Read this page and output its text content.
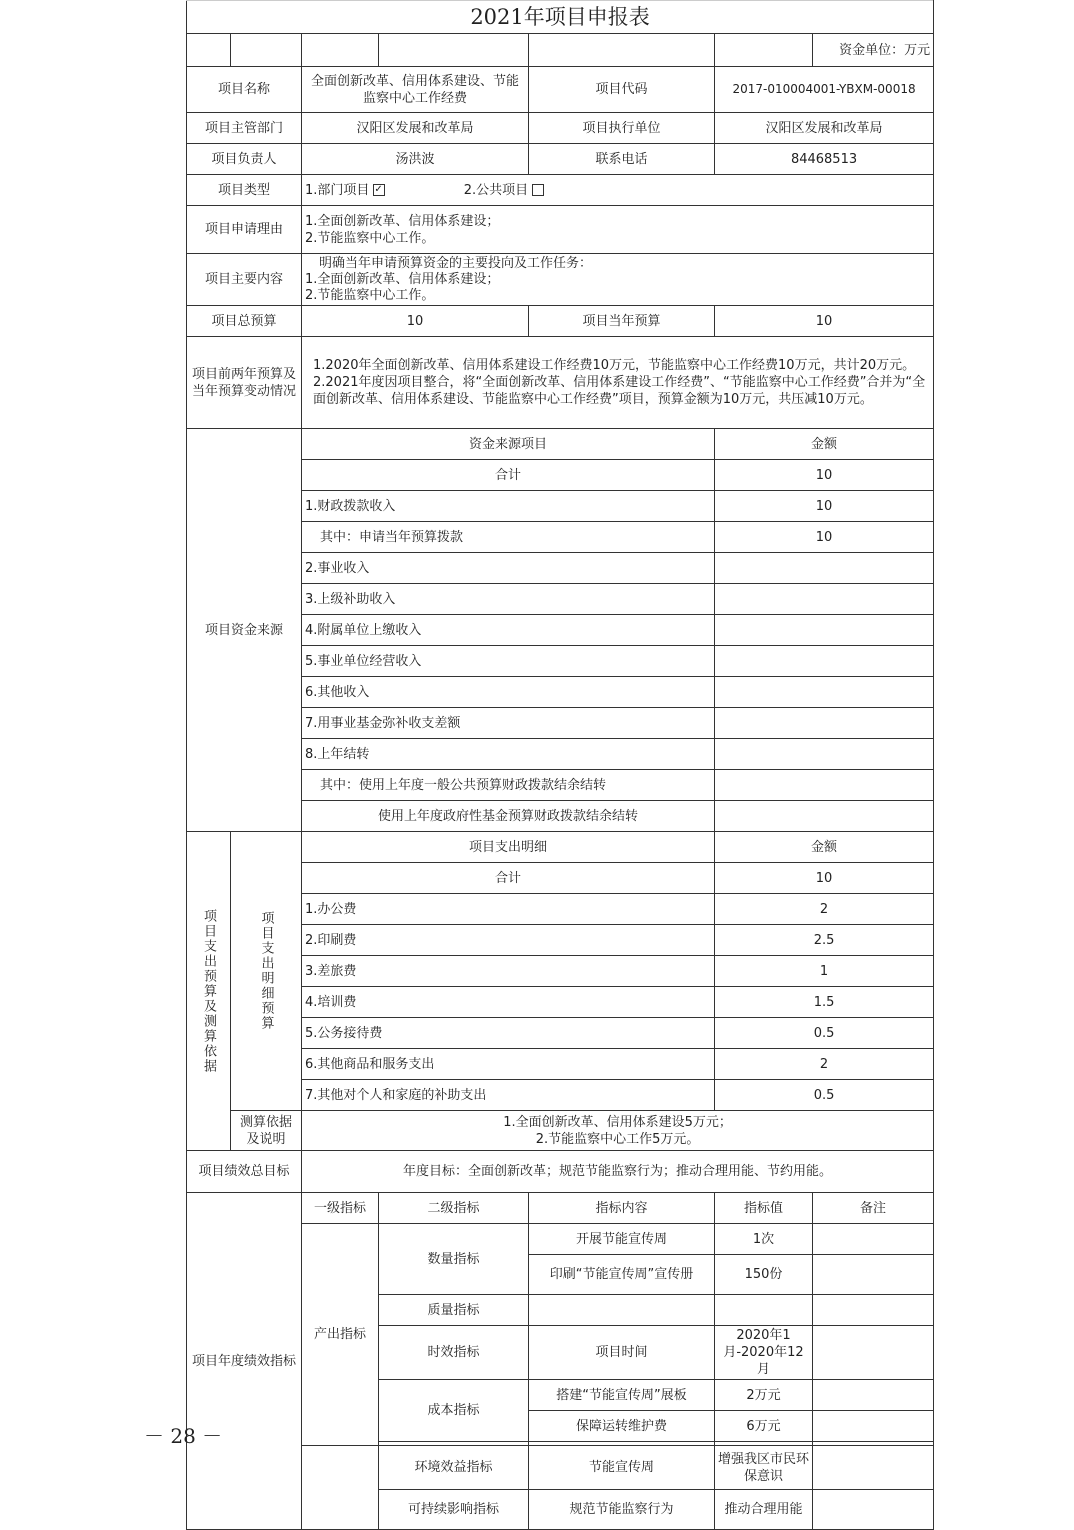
2021年项目申报表						
						资金单位：万元
项目名称		全面创新改革、信用体系建设、节能监察中心工作经费		项目代码	2017-010004001-YBXM-00018	
项目主管部门		汉阳区发展和改革局		项目执行单位	汉阳区发展和改革局	
项目负责人		汤洪波		联系电话	84468513	
项目类型		1.部门项目 ✓ 2.公共项目				
项目申请理由		1.全面创新改革、信用体系建设；
2.节能监察中心工作。				

项目主要内容		明确当年申请预算资金的主要投向及工作任务：
1.全面创新改革、信用体系建设；
2.节能监察中心工作。				

项目总预算		10		项目当年预算	10	
项目前两年预算及当年预算变动情况		1.2020年全面创新改革、信用体系建设工作经费10万元，节能监察中心工作经费10万元，共计20万元。
2.2021年度因项目整合，将“全面创新改革、信用体系建设工作经费”、“节能监察中心工作经费”合并为“全面创新改革、信用体系建设、节能监察中心工作经费”项目，预算金额为10万元，共压减10万元。				

项目资金来源		资金来源项目			金额	
		合计			10	
		1.财政拨款收入			10	
		其中：申请当年预算拨款			10	
		2.事业收入				
		3.上级补助收入				
		4.附属单位上缴收入				
		5.事业单位经营收入				
		6.其他收入				
		7.用事业基金弥补收支差额				
		8.上年结转				
		其中：使用上年度一般公共预算财政拨款结余结转				
		使用上年度政府性基金预算财政拨款结余结转				
项目支出预算及测算依据	项目支出明细预算	项目支出明细			金额	
		合计			10	
		1.办公费			2	
		2.印刷费			2.5	
		3.差旅费			1	
		4.培训费			1.5	
		5.公务接待费			0.5	
		6.其他商品和服务支出			2	
		7.其他对个人和家庭的补助支出			0.5	
	测算依据及说明	1.全面创新改革、信用体系建设5万元；
2.节能监察中心工作5万元。				

项目绩效总目标		年度目标：全面创新改革；规范节能监察行为；推动合理用能、节约用能。				
项目年度绩效指标		一级指标	二级指标	指标内容	指标值	备注
		产出指标	数量指标	开展节能宣传周	1次	
				印刷“节能宣传周”宣传册	150份	
			质量指标			
			时效指标	项目时间	2020年1月-2020年12月	
			成本指标	搭建“节能宣传周”展板	2万元	
				保障运转维护费	6万元	

			环境效益指标	节能宣传周	增强我区市民环保意识	
			可持续影响指标	规范节能监察行为	推动合理用能	
－ 28 －
